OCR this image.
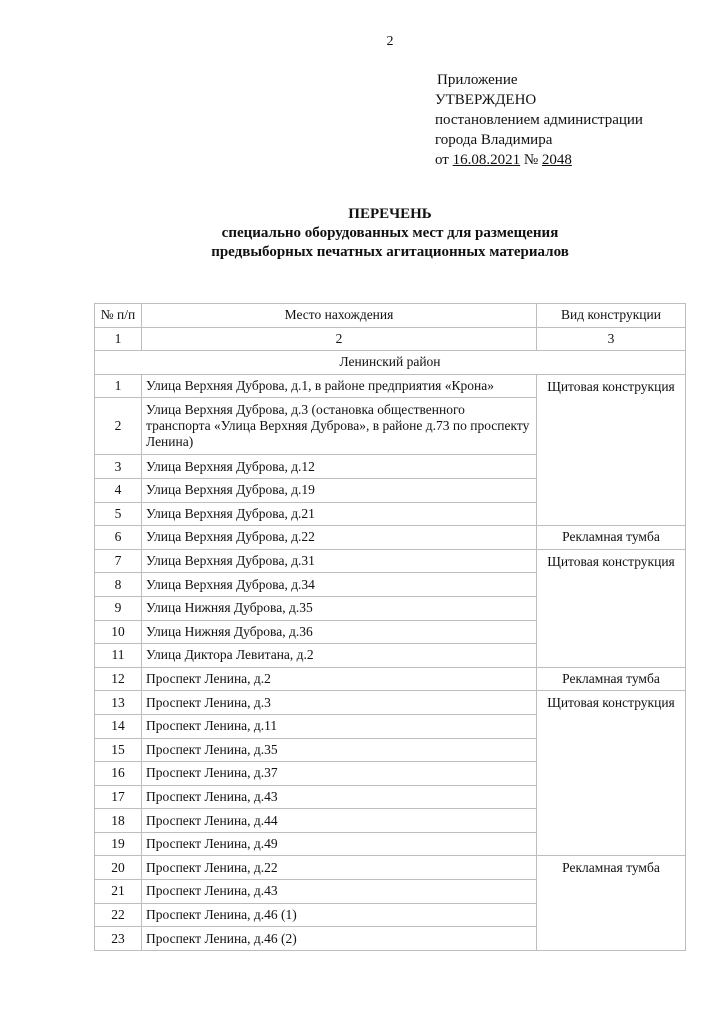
2
Приложение
УТВЕРЖДЕНО
постановлением администрации
города Владимира
от 16.08.2021 № 2048
ПЕРЕЧЕНЬ
специально оборудованных мест для размещения
предвыборных печатных агитационных материалов
№ п/п	Место нахождения	Вид конструкции
1	2	3
Ленинский район		
1	Улица Верхняя Дуброва, д.1, в районе предприятия «Крона»	Щитовая конструкция
2	Улица Верхняя Дуброва, д.3 (остановка общественного транспорта «Улица Верхняя Дуброва», в районе д.73 по проспекту Ленина)	
3	Улица Верхняя Дуброва, д.12	
4	Улица Верхняя Дуброва, д.19	
5	Улица Верхняя Дуброва, д.21	
6	Улица Верхняя Дуброва, д.22	Рекламная тумба
7	Улица Верхняя Дуброва, д.31	Щитовая конструкция
8	Улица Верхняя Дуброва, д.34	
9	Улица Нижняя Дуброва, д.35	
10	Улица Нижняя Дуброва, д.36	
11	Улица Диктора Левитана, д.2	
12	Проспект Ленина, д.2	Рекламная тумба
13	Проспект Ленина, д.3	Щитовая конструкция
14	Проспект Ленина, д.11	
15	Проспект Ленина, д.35	
16	Проспект Ленина, д.37	
17	Проспект Ленина, д.43	
18	Проспект Ленина, д.44	
19	Проспект Ленина, д.49	
20	Проспект Ленина, д.22	Рекламная тумба
21	Проспект Ленина, д.43	
22	Проспект Ленина, д.46 (1)	
23	Проспект Ленина, д.46 (2)	
